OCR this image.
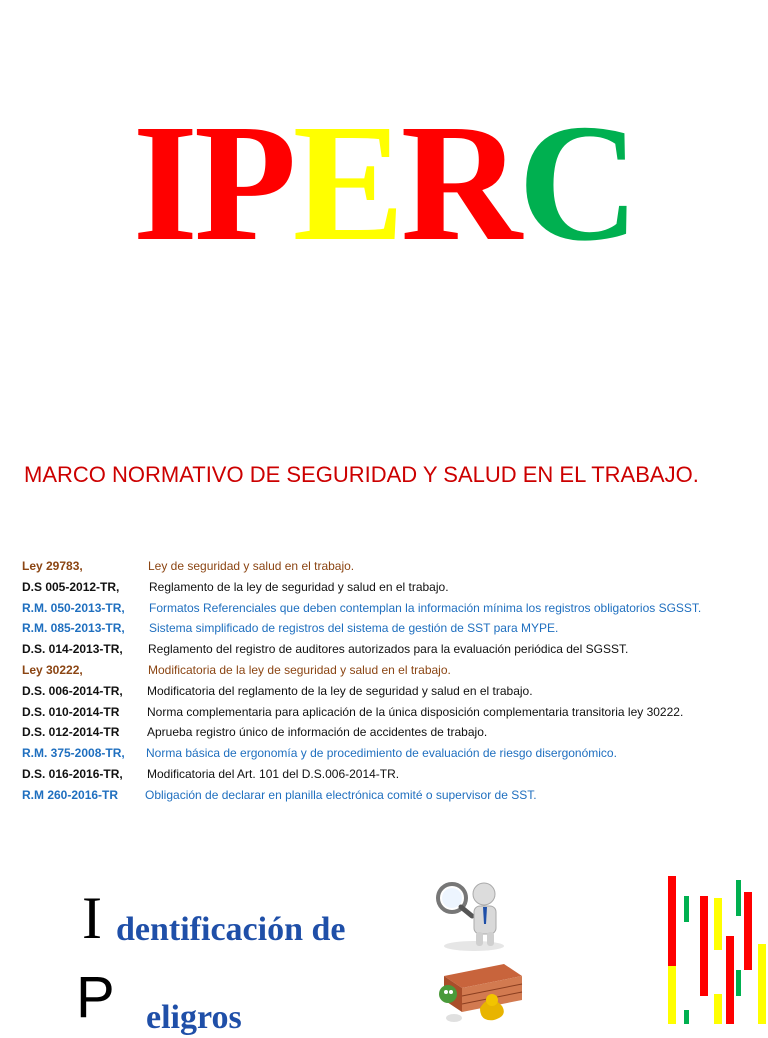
IPERC
MARCO NORMATIVO DE SEGURIDAD Y SALUD EN EL TRABAJO.
Ley 29783,	Ley de seguridad y salud en el trabajo.
D.S 005-2012-TR, Reglamento de la ley de seguridad y salud en el trabajo.
R.M. 050-2013-TR, Formatos Referenciales que deben contemplan la información mínima los registros obligatorios SGSST.
R.M. 085-2013-TR, Sistema simplificado de registros del sistema de gestión de SST para MYPE.
D.S. 014-2013-TR, Reglamento del registro de auditores autorizados para la evaluación periódica del SGSST.
Ley 30222,	Modificatoria de la ley de seguridad y salud en el trabajo.
D.S. 006-2014-TR, Modificatoria del reglamento de la ley de seguridad y salud en el trabajo.
D.S. 010-2014-TR Norma complementaria para aplicación de la única disposición complementaria transitoria ley 30222.
D.S. 012-2014-TR Aprueba registro único de información de accidentes de trabajo.
R.M. 375-2008-TR, Norma básica de ergonomía y de procedimiento de evaluación de riesgo disergonómico.
D.S. 016-2016-TR, Modificatoria del Art. 101 del D.S.006-2014-TR.
R.M 260-2016-TR Obligación de declarar en planilla electrónica comité o supervisor de SST.
I dentificación de
P eligros
